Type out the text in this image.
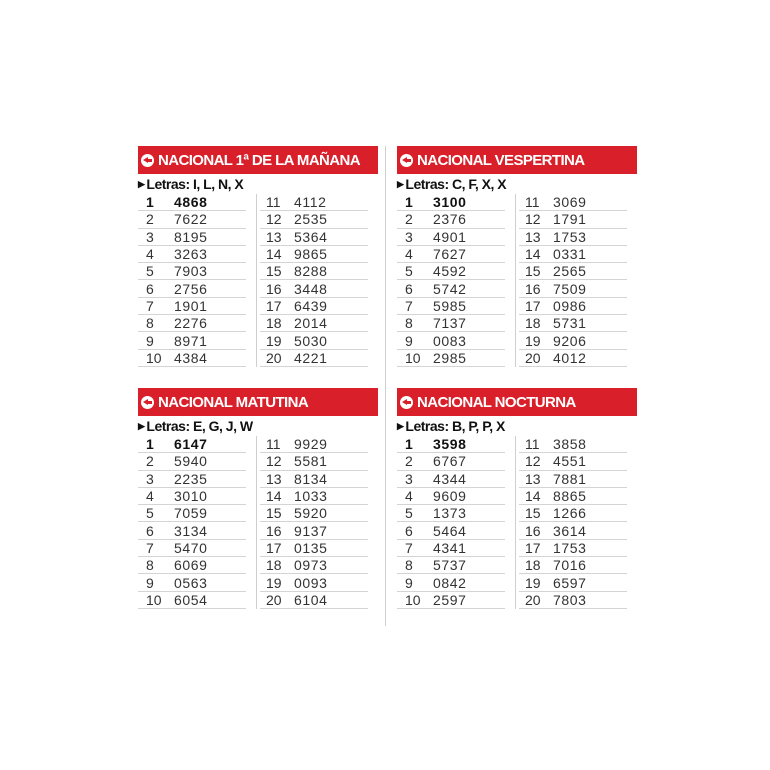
NACIONAL 1ª DE LA MAÑANA
▶ Letras: I, L, N, X
1	4868
2	7622
3	8195
4	3263
5	7903
6	2756
7	1901
8	2276
9	8971
10 4384
11 4112
12 2535
13 5364
14 9865
15 8288
16 3448
17 6439
18 2014
19 5030
20 4221
NACIONAL VESPERTINA
▶ Letras: C, F, X, X
1	3100
2	2376
3	4901
4	7627
5	4592
6	5742
7	5985
8	7137
9	0083
10 2985
11 3069
12 1791
13 1753
14 0331
15 2565
16 7509
17 0986
18 5731
19 9206
20 4012
NACIONAL MATUTINA
▶ Letras: E, G, J, W
1	6147
2	5940
3	2235
4	3010
5	7059
6	3134
7	5470
8	6069
9	0563
10 6054
11 9929
12 5581
13 8134
14 1033
15 5920
16 9137
17 0135
18 0973
19 0093
20 6104
NACIONAL NOCTURNA
▶ Letras: B, P, P, X
1	3598
2	6767
3	4344
4	9609
5	1373
6	5464
7	4341
8	5737
9	0842
10 2597
11 3858
12 4551
13 7881
14 8865
15 1266
16 3614
17 1753
18 7016
19 6597
20 7803
